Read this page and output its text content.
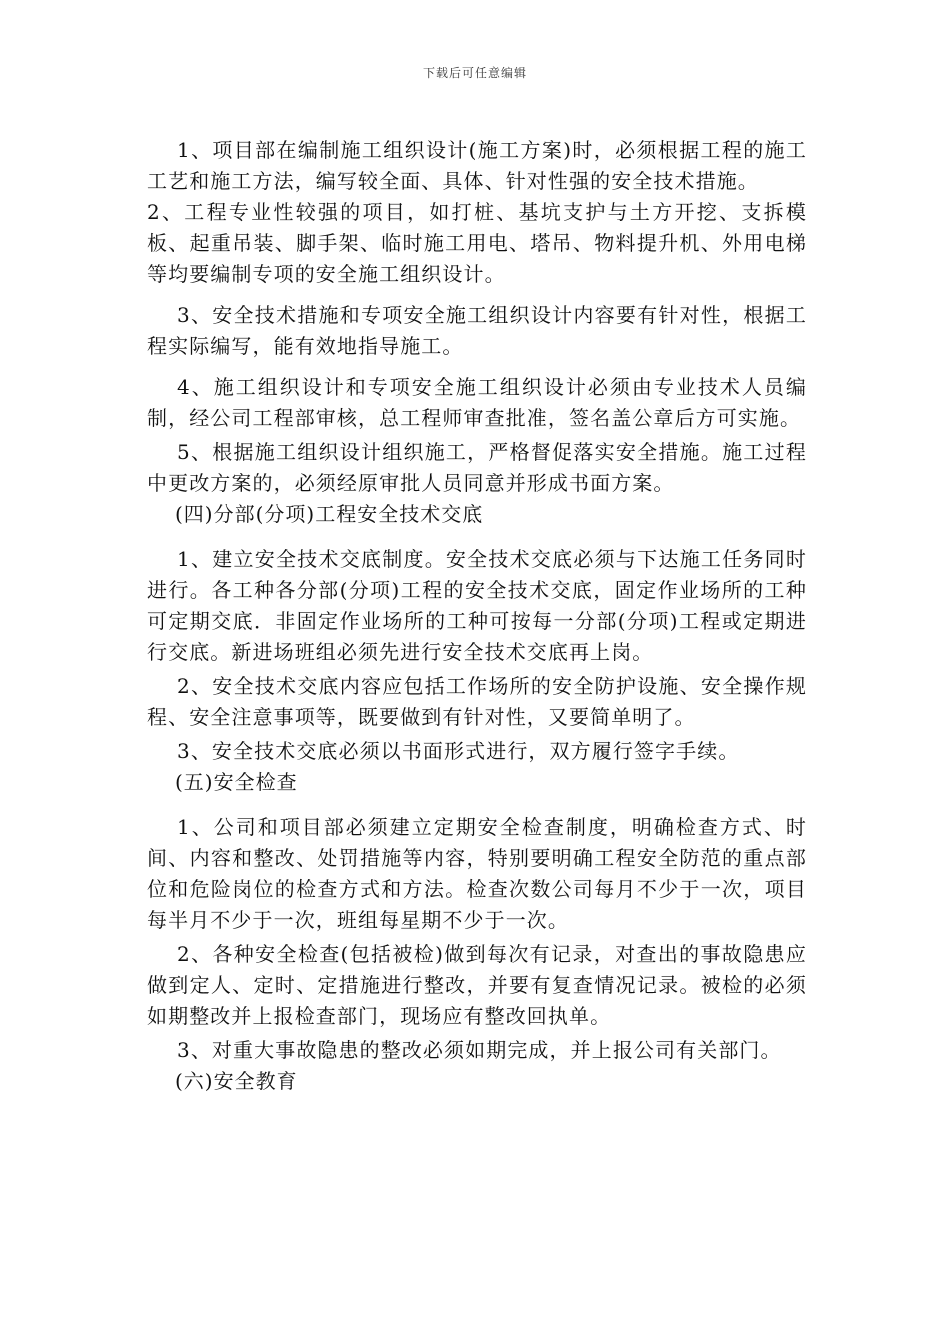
下载后可任意编辑

1、项目部在编制施工组织设计(施工方案)时，必须根据工程的施工工艺和施工方法，编写较全面、具体、针对性强的安全技术措施。

2、工程专业性较强的项目，如打桩、基坑支护与土方开挖、支拆模板、起重吊装、脚手架、临时施工用电、塔吊、物料提升机、外用电梯等均要编制专项的安全施工组织设计。

3、安全技术措施和专项安全施工组织设计内容要有针对性，根据工程实际编写，能有效地指导施工。

4、施工组织设计和专项安全施工组织设计必须由专业技术人员编制，经公司工程部审核，总工程师审查批准，签名盖公章后方可实施。

5、根据施工组织设计组织施工，严格督促落实安全措施。施工过程中更改方案的，必须经原审批人员同意并形成书面方案。

(四)分部(分项)工程安全技术交底

1、建立安全技术交底制度。安全技术交底必须与下达施工任务同时进行。各工种各分部(分项)工程的安全技术交底，固定作业场所的工种可定期交底．非固定作业场所的工种可按每一分部(分项)工程或定期进行交底。新进场班组必须先进行安全技术交底再上岗。

2、安全技术交底内容应包括工作场所的安全防护设施、安全操作规程、安全注意事项等，既要做到有针对性，又要简单明了。

3、安全技术交底必须以书面形式进行，双方履行签字手续。

(五)安全检查

1、公司和项目部必须建立定期安全检查制度，明确检查方式、时间、内容和整改、处罚措施等内容，特别要明确工程安全防范的重点部位和危险岗位的检查方式和方法。检查次数公司每月不少于一次，项目每半月不少于一次，班组每星期不少于一次。

2、各种安全检查(包括被检)做到每次有记录，对查出的事故隐患应做到定人、定时、定措施进行整改，并要有复查情况记录。被检的必须如期整改并上报检查部门，现场应有整改回执单。

3、对重大事故隐患的整改必须如期完成，并上报公司有关部门。

(六)安全教育
